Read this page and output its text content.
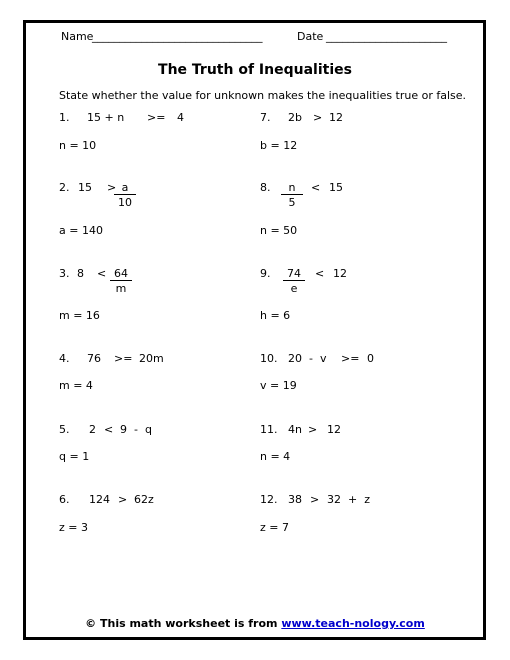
Name
_______________________________	Date ______________________
The Truth of Inequalities
State whether the value for unknown makes the inequalities true or false.
1. 15 + n >= 4
n = 10
2. 15 >
$\frac{a}{10}$
a = 140
3. $8 < \frac{64}{m}$
m = 16
4. 76 >= 20m
m = 4
5. 2 < 9  -  q
q = 1
6. 124 > 62z
z = 3
7. 2b > 12
b = 12
8. $\frac{n}{5} < 15$
n = 50
9. $\frac{74}{e} < 12$
h = 6
10. 20  -  v >= 0
v = 19
11. 4n > 12
n = 4
12. 38 > 32  +  z
z = 7
© This math worksheet is from www.teach-nology.com
